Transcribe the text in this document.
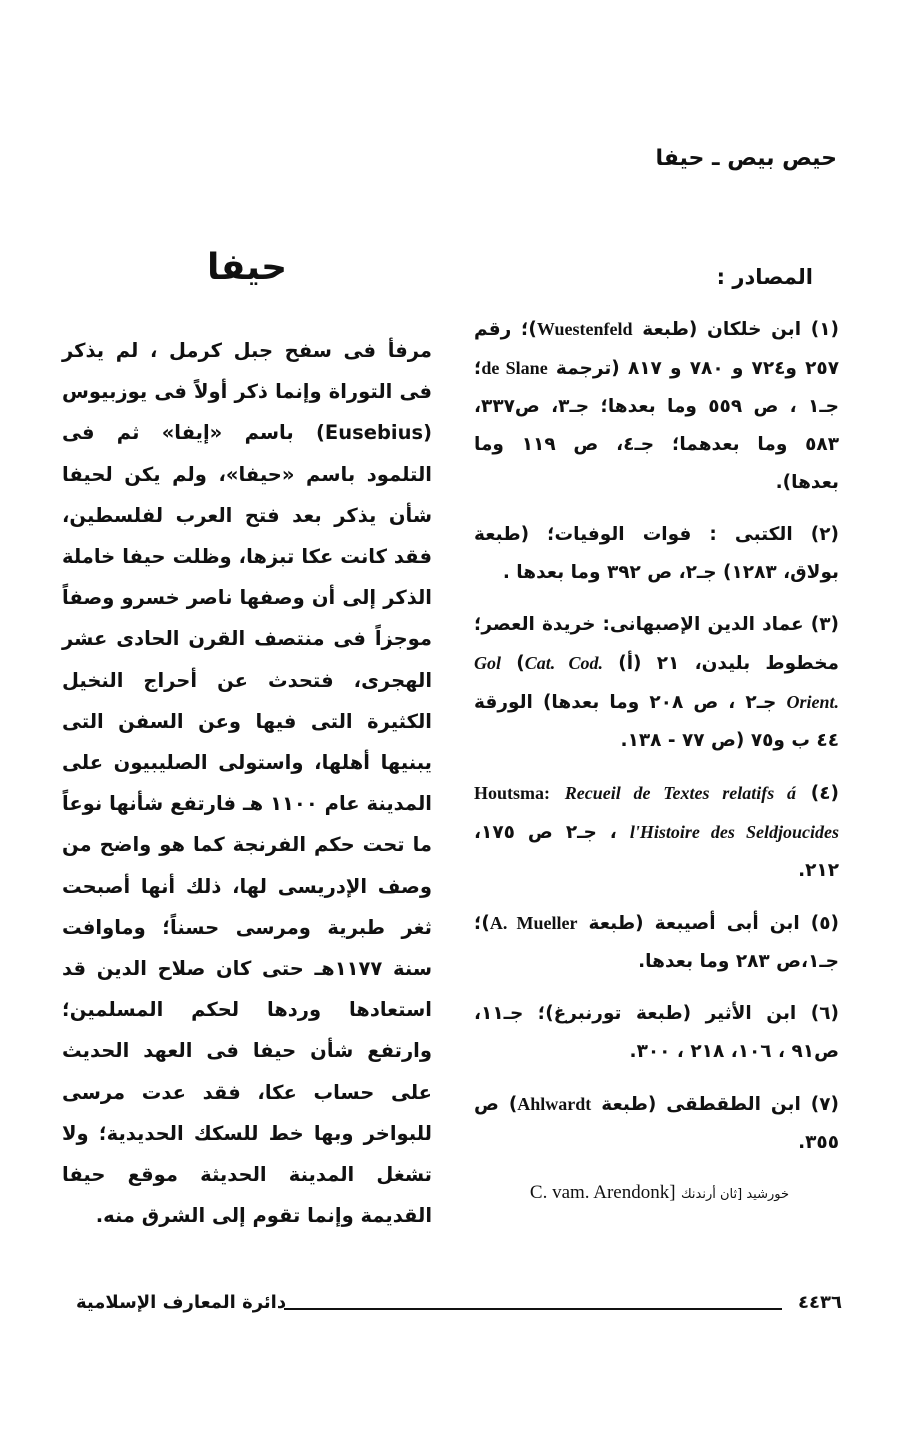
حيص بيص ـ حيفا
المصادر :

(١) ابن خلكان (طبعة Wuestenfeld)؛ رقم ٢٥٧ و٧٢٤ و ٧٨٠ و ٨١٧ (ترجمة de Slane؛ جـ١ ، ص ٥٥٩ وما بعدها؛ جـ٣، ص٣٣٧، ٥٨٣ وما بعدهما؛ جـ٤، ص ١١٩ وما بعدها).

(٢) الكتبى : فوات الوفيات؛ (طبعة بولاق، ١٢٨٣) جـ٢، ص ٣٩٢ وما بعدها .

(٣) عماد الدين الإصبهانى: خريدة العصر؛ مخطوط بليدن، ٢١ (أ) Gol (Cat. Cod. Orient. جـ٢ ، ص ٢٠٨ وما بعدها) الورقة ٤٤ ب و٧٥ (ص ٧٧ - ١٣٨.

(٤) Houtsma: Recueil de Textes relatifs á l'Histoire des Seldjoucides ، جـ٢ ص ١٧٥، ٢١٢.

(٥) ابن أبى أصيبعة (طبعة A. Mueller)؛ جـ١،ص ٢٨٣ وما بعدها.

(٦) ابن الأثير (طبعة تورنبرغ)؛ جـ١١، ص٩١ ، ١٠٦، ٢١٨ ، ٣٠٠.

(٧) ابن الطقطقى (طبعة Ahlwardt) ص ٣٥٥.

خورشيد [ثان أرندنك C. vam. Arendonk]
حيفا

مرفأ فى سفح جبل كرمل ، لم يذكر فى التوراة وإنما ذكر أولاً فى يوزبيوس (Eusebius) باسم «إيفا» ثم فى التلمود باسم «حيفا»، ولم يكن لحيفا شأن يذكر بعد فتح العرب لفلسطين، فقد كانت عكا تبزها، وظلت حيفا خاملة الذكر إلى أن وصفها ناصر خسرو وصفاً موجزاً فى منتصف القرن الحادى عشر الهجرى، فتحدث عن أحراج النخيل الكثيرة التى فيها وعن السفن التى يبنيها أهلها، واستولى الصليبيون على المدينة عام ١١٠٠ هـ فارتفع شأنها نوعاً ما تحت حكم الفرنجة كما هو واضح من وصف الإدريسى لها، ذلك أنها أصبحت ثغر طبرية ومرسى حسناً؛ وماوافت سنة ١١٧٧هـ حتى كان صلاح الدين قد استعادها وردها لحكم المسلمين؛ وارتفع شأن حيفا فى العهد الحديث على حساب عكا، فقد عدت مرسى للبواخر وبها خط للسكك الحديدية؛ ولا تشغل المدينة الحديثة موقع حيفا القديمة وإنما تقوم إلى الشرق منه.

٤٤٣٦
دائرة المعارف الإسلامية
